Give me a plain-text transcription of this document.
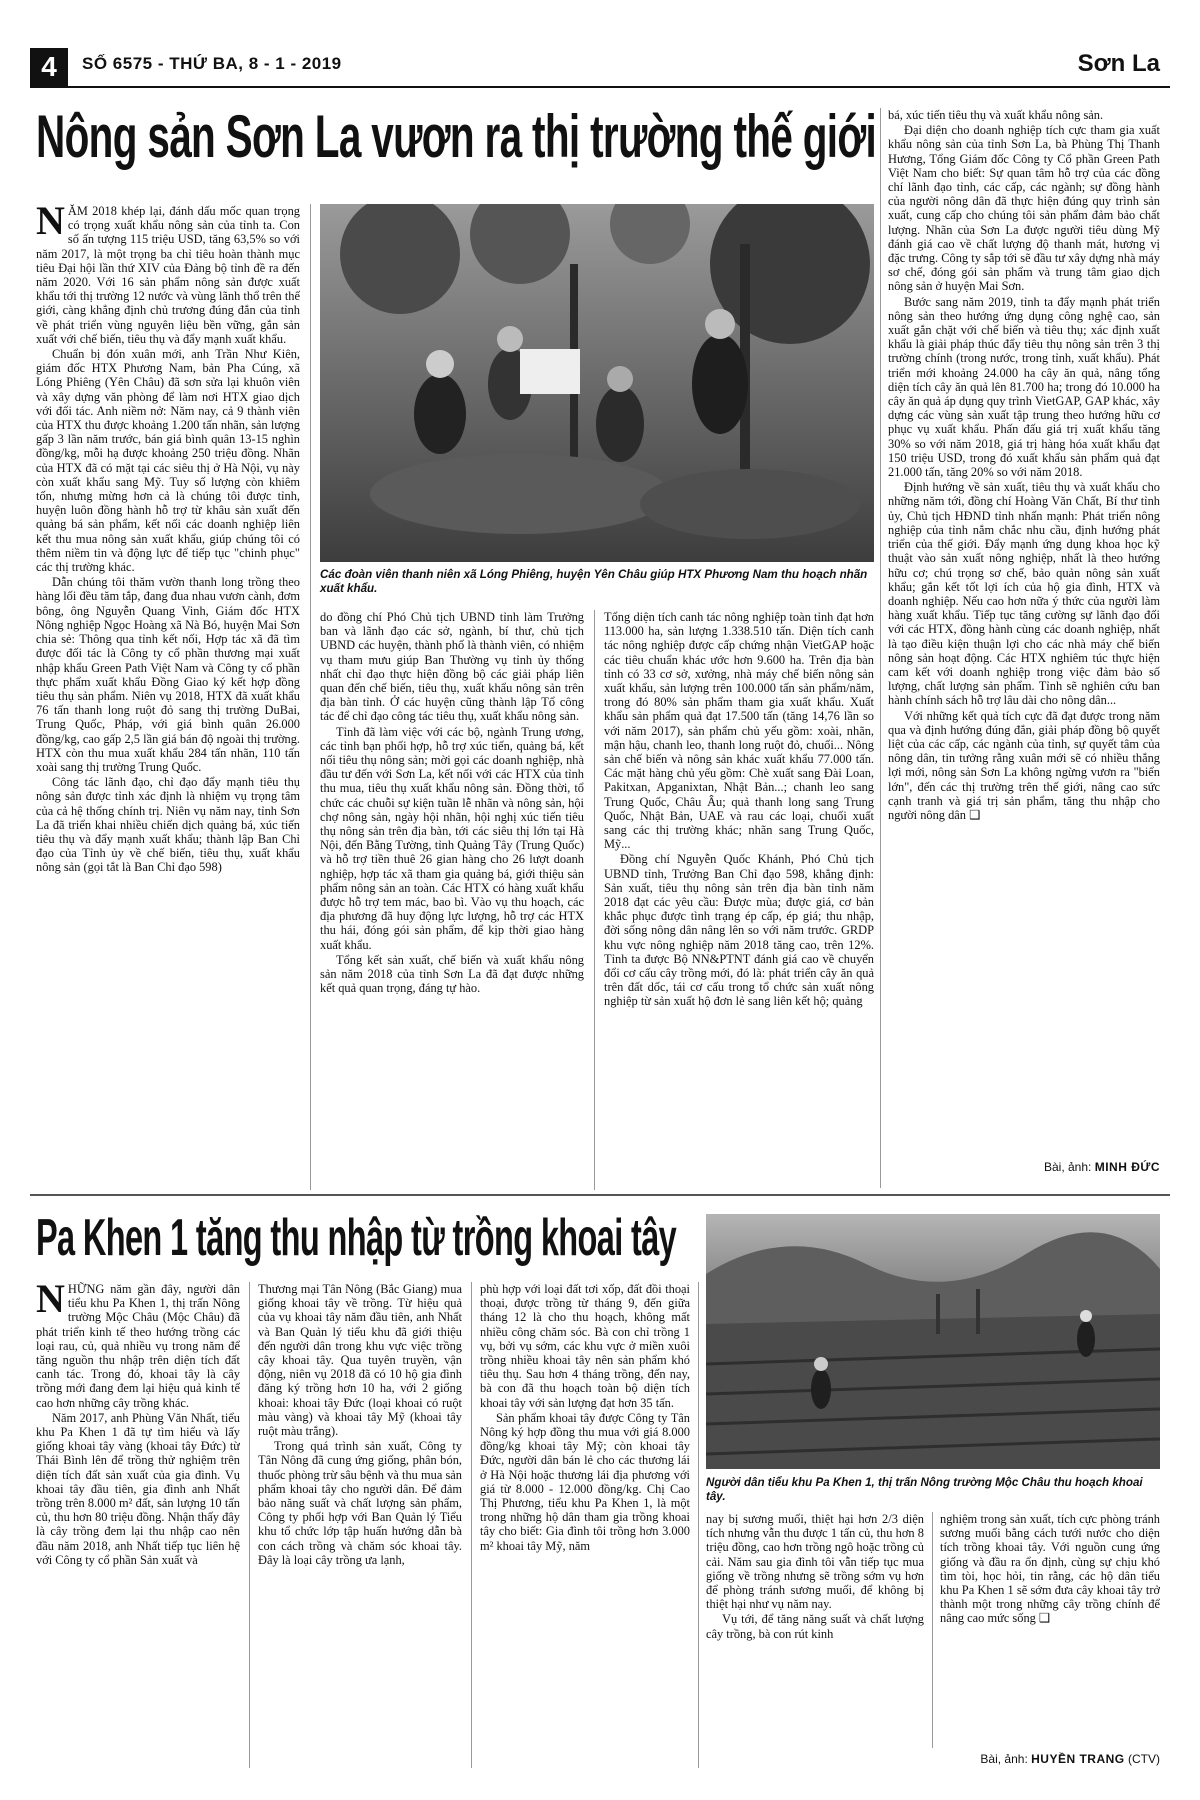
4	SỐ 6575 - THỨ BA, 8 - 1 - 2019	Sơn La
Nông sản Sơn La vươn ra thị trường thế giới
Các đoàn viên thanh niên xã Lóng Phiêng, huyện Yên Châu giúp HTX Phương Nam thu hoạch nhãn xuất khẩu.

NĂM 2018 khép lại, đánh dấu mốc quan trọng có trọng xuất khẩu nông sản của tỉnh ta. Con số ấn tượng 115 triệu USD, tăng 63,5% so với năm 2017, là một trọng ba chỉ tiêu hoàn thành mục tiêu Đại hội lần thứ XIV của Đảng bộ tỉnh đề ra đến năm 2020. Với 16 sản phẩm nông sản được xuất khẩu tới thị trường 12 nước và vùng lãnh thổ trên thế giới, càng khẳng định chủ trương đúng đắn của tỉnh về phát triển vùng nguyên liệu bền vững, gắn sản xuất với chế biến, tiêu thụ và đẩy mạnh xuất khẩu.

Chuẩn bị đón xuân mới, anh Trần Như Kiên, giám đốc HTX Phương Nam, bản Pha Cúng, xã Lóng Phiêng (Yên Châu) đã sơn sửa lại khuôn viên và xây dựng văn phòng để làm nơi HTX giao dịch với đối tác. Anh niềm nở: Năm nay, cả 9 thành viên của HTX thu được khoảng 1.200 tấn nhãn, sản lượng gấp 3 lần năm trước, bán giá bình quân 13-15 nghìn đồng/kg, mỗi hạ được khoảng 250 triệu đồng. Nhãn của HTX đã có mặt tại các siêu thị ở Hà Nội, vụ này còn xuất khẩu sang Mỹ. Tuy số lượng còn khiêm tốn, nhưng mừng hơn cả là chúng tôi được tỉnh, huyện luôn đồng hành hỗ trợ từ khâu sản xuất đến quảng bá sản phẩm, kết nối các doanh nghiệp liên kết thu mua nông sản xuất khẩu, giúp chúng tôi có thêm niềm tin và động lực để tiếp tục "chinh phục" các thị trường khác.

Dẫn chúng tôi thăm vườn thanh long trồng theo hàng lối đều tăm tắp, đang đua nhau vươn cành, đơm bông, ông Nguyễn Quang Vinh, Giám đốc HTX Nông nghiệp Ngọc Hoàng xã Nà Bó, huyện Mai Sơn chia sẻ: Thông qua tỉnh kết nối, Hợp tác xã đã tìm được đối tác là Công ty cổ phần thương mại xuất nhập khẩu Green Path Việt Nam và Công ty cổ phần thực phẩm xuất khẩu Đồng Giao ký kết hợp đồng tiêu thụ sản phẩm. Niên vụ 2018, HTX đã xuất khẩu 76 tấn thanh long ruột đỏ sang thị trường DuBai, Trung Quốc, Pháp, với giá bình quân 26.000 đồng/kg, cao gấp 2,5 lần giá bán độ ngoài thị trường. HTX còn thu mua xuất khẩu 284 tấn nhãn, 110 tấn xoài sang thị trường Trung Quốc.

Công tác lãnh đạo, chỉ đạo đẩy mạnh tiêu thụ nông sản được tỉnh xác định là nhiệm vụ trọng tâm của cả hệ thống chính trị. Niên vụ năm nay, tỉnh Sơn La đã triển khai nhiều chiến dịch quảng bá, xúc tiến tiêu thụ và đẩy mạnh xuất khẩu; thành lập Ban Chỉ đạo của Tỉnh ủy về chế biến, tiêu thụ, xuất khẩu nông sản (gọi tắt là Ban Chỉ đạo 598)

do đồng chí Phó Chủ tịch UBND tỉnh làm Trưởng ban và lãnh đạo các sở, ngành, bí thư, chủ tịch UBND các huyện, thành phố là thành viên, có nhiệm vụ tham mưu giúp Ban Thường vụ tỉnh ủy thống nhất chỉ đạo thực hiện đồng bộ các giải pháp liên quan đến chế biến, tiêu thụ, xuất khẩu nông sản trên địa bàn tỉnh. Ở các huyện cũng thành lập Tổ công tác để chỉ đạo công tác tiêu thụ, xuất khẩu nông sản.

Tỉnh đã làm việc với các bộ, ngành Trung ương, các tỉnh bạn phối hợp, hỗ trợ xúc tiến, quảng bá, kết nối tiêu thụ nông sản; mời gọi các doanh nghiệp, nhà đầu tư đến với Sơn La, kết nối với các HTX của tỉnh thu mua, tiêu thụ xuất khẩu nông sản. Đồng thời, tổ chức các chuỗi sự kiện tuần lễ nhãn và nông sản, hội chợ nông sản, ngày hội nhãn, hội nghị xúc tiến tiêu thụ nông sản trên địa bàn, tới các siêu thị lớn tại Hà Nội, đến Bằng Tường, tỉnh Quảng Tây (Trung Quốc) và hỗ trợ tiền thuê 26 gian hàng cho 26 lượt doanh nghiệp, hợp tác xã tham gia quảng bá, giới thiệu sản phẩm nông sản an toàn. Các HTX có hàng xuất khẩu được hỗ trợ tem mác, bao bì. Vào vụ thu hoạch, các địa phương đã huy động lực lượng, hỗ trợ các HTX thu hái, đóng gói sản phẩm, để kịp thời giao hàng xuất khẩu.

Tổng kết sản xuất, chế biến và xuất khẩu nông sản năm 2018 của tỉnh Sơn La đã đạt được những kết quả quan trọng, đáng tự hào.

Tổng diện tích canh tác nông nghiệp toàn tỉnh đạt hơn 113.000 ha, sản lượng 1.338.510 tấn. Diện tích canh tác nông nghiệp được cấp chứng nhận VietGAP hoặc các tiêu chuẩn khác ước hơn 9.600 ha. Trên địa bàn tỉnh có 33 cơ sở, xưởng, nhà máy chế biến nông sản xuất khẩu, sản lượng trên 100.000 tấn sản phẩm/năm, trong đó 80% sản phẩm tham gia xuất khẩu. Xuất khẩu sản phẩm quả đạt 17.500 tấn (tăng 14,76 lần so với năm 2017), sản phẩm chủ yếu gồm: xoài, nhãn, mận hậu, chanh leo, thanh long ruột đỏ, chuối... Nông sản chế biến và nông sản khác xuất khẩu 77.000 tấn. Các mặt hàng chủ yếu gồm: Chè xuất sang Đài Loan, Pakitxan, Apganixtan, Nhật Bản...; chanh leo sang Trung Quốc, Châu Âu; quả thanh long sang Trung Quốc, Nhật Bản, UAE và rau các loại, chuối xuất sang các thị trường khác; nhãn sang Trung Quốc, Mỹ...

Đồng chí Nguyễn Quốc Khánh, Phó Chủ tịch UBND tỉnh, Trưởng Ban Chỉ đạo 598, khẳng định: Sản xuất, tiêu thụ nông sản trên địa bàn tỉnh năm 2018 đạt các yêu cầu: Được mùa; được giá, cơ bản khắc phục được tình trạng ép cấp, ép giá; thu nhập, đời sống nông dân nâng lên so với năm trước. GRDP khu vực nông nghiệp năm 2018 tăng cao, trên 12%. Tỉnh ta được Bộ NN&PTNT đánh giá cao về chuyển đổi cơ cấu cây trồng mới, đó là: phát triển cây ăn quả trên đất dốc, tái cơ cấu trong tổ chức sản xuất nông nghiệp từ sản xuất hộ đơn lẻ sang liên kết hộ; quảng

bá, xúc tiến tiêu thụ và xuất khẩu nông sản.

Đại diện cho doanh nghiệp tích cực tham gia xuất khẩu nông sản của tỉnh Sơn La, bà Phùng Thị Thanh Hương, Tổng Giám đốc Công ty Cổ phần Green Path Việt Nam cho biết: Sự quan tâm hỗ trợ của các đồng chí lãnh đạo tỉnh, các cấp, các ngành; sự đồng hành của người nông dân đã thực hiện đúng quy trình sản xuất, cung cấp cho chúng tôi sản phẩm đảm bảo chất lượng. Nhãn của Sơn La được người tiêu dùng Mỹ đánh giá cao về chất lượng độ thanh mát, hương vị đặc trưng. Công ty sắp tới sẽ đầu tư xây dựng nhà máy sơ chế, đóng gói sản phẩm và trung tâm giao dịch nông sản ở huyện Mai Sơn.

Bước sang năm 2019, tỉnh ta đẩy mạnh phát triển nông sản theo hướng ứng dụng công nghệ cao, sản xuất gắn chặt với chế biến và tiêu thụ; xác định xuất khẩu là giải pháp thúc đẩy tiêu thụ nông sản trên 3 thị trường chính (trong nước, trong tỉnh, xuất khẩu). Phát triển mới khoảng 24.000 ha cây ăn quả, nâng tổng diện tích cây ăn quả lên 81.700 ha; trong đó 10.000 ha cây ăn quả áp dụng quy trình VietGAP, GAP khác, xây dựng các vùng sản xuất tập trung theo hướng hữu cơ phục vụ xuất khẩu. Phấn đấu giá trị xuất khẩu tăng 30% so với năm 2018, giá trị hàng hóa xuất khẩu đạt 150 triệu USD, trong đó xuất khẩu sản phẩm quả đạt 21.000 tấn, tăng 20% so với năm 2018.

Định hướng về sản xuất, tiêu thụ và xuất khẩu cho những năm tới, đồng chí Hoàng Văn Chất, Bí thư tỉnh ủy, Chủ tịch HĐND tỉnh nhấn mạnh: Phát triển nông nghiệp của tỉnh nắm chắc nhu cầu, định hướng phát triển của thế giới. Đẩy mạnh ứng dụng khoa học kỹ thuật vào sản xuất nông nghiệp, nhất là theo hướng hữu cơ; chú trọng sơ chế, bảo quản nông sản xuất khẩu; gắn kết tốt lợi ích của hộ gia đình, HTX và doanh nghiệp. Nếu cao hơn nữa ý thức của người làm hàng xuất khẩu. Tiếp tục tăng cường sự lãnh đạo đối với các HTX, đồng hành cùng các doanh nghiệp, nhất là tạo điều kiện thuận lợi cho các nhà máy chế biến nông sản hoạt động. Các HTX nghiêm túc thực hiện cam kết với doanh nghiệp trong việc đảm bảo số lượng, chất lượng sản phẩm. Tỉnh sẽ nghiên cứu ban hành chính sách hỗ trợ lâu dài cho nông dân...

Với những kết quả tích cực đã đạt được trong năm qua và định hướng đúng đắn, giải pháp đồng bộ quyết liệt của các cấp, các ngành của tỉnh, sự quyết tâm của nông dân, tin tưởng rằng xuân mới sẽ có nhiều thắng lợi mới, nông sản Sơn La không ngừng vươn ra "biển lớn", đến các thị trường trên thế giới, nâng cao sức cạnh tranh và giá trị sản phẩm, tăng thu nhập cho người nông dân ❑

Bài, ảnh: MINH ĐỨC
Pa Khen 1 tăng thu nhập từ trồng khoai tây
Người dân tiểu khu Pa Khen 1, thị trấn Nông trường Mộc Châu thu hoạch khoai tây.

NHỮNG năm gần đây, người dân tiểu khu Pa Khen 1, thị trấn Nông trường Mộc Châu (Mộc Châu) đã phát triển kinh tế theo hướng trồng các loại rau, củ, quả nhiều vụ trong năm để tăng nguồn thu nhập trên diện tích đất canh tác. Trong đó, khoai tây là cây trồng mới đang đem lại hiệu quả kinh tế cao hơn những cây trồng khác.

Năm 2017, anh Phùng Văn Nhất, tiểu khu Pa Khen 1 đã tự tìm hiểu và lấy giống khoai tây vàng (khoai tây Đức) từ Thái Bình lên để trồng thử nghiệm trên diện tích đất sản xuất của gia đình. Vụ khoai tây đầu tiên, gia đình anh Nhất trồng trên 8.000 m² đất, sản lượng 10 tấn củ, thu hơn 80 triệu đồng. Nhận thấy đây là cây trồng đem lại thu nhập cao nên đầu năm 2018, anh Nhất tiếp tục liên hệ với Công ty cổ phần Sản xuất và

Thương mại Tân Nông (Bắc Giang) mua giống khoai tây về trồng. Từ hiệu quả của vụ khoai tây năm đầu tiên, anh Nhất và Ban Quản lý tiểu khu đã giới thiệu đến người dân trong khu vực việc trồng cây khoai tây. Qua tuyên truyền, vận động, niên vụ 2018 đã có 10 hộ gia đình đăng ký trồng hơn 10 ha, với 2 giống khoai: khoai tây Đức (loại khoai có ruột màu vàng) và khoai tây Mỹ (khoai tây ruột màu trắng).

Trong quá trình sản xuất, Công ty Tân Nông đã cung ứng giống, phân bón, thuốc phòng trừ sâu bệnh và thu mua sản phẩm khoai tây cho người dân. Để đảm bảo năng suất và chất lượng sản phẩm, Công ty phối hợp với Ban Quản lý Tiểu khu tổ chức lớp tập huấn hướng dẫn bà con cách trồng và chăm sóc khoai tây. Đây là loại cây trồng ưa lạnh,

phù hợp với loại đất tơi xốp, đất đồi thoại thoại, được trồng từ tháng 9, đến giữa tháng 12 là cho thu hoạch, không mất nhiều công chăm sóc. Bà con chỉ trồng 1 vụ, bởi vụ sớm, các khu vực ở miền xuôi trồng nhiều khoai tây nên sản phẩm khó tiêu thụ. Sau hơn 4 tháng trồng, đến nay, bà con đã thu hoạch toàn bộ diện tích khoai tây với sản lượng đạt hơn 35 tấn.

Sản phẩm khoai tây được Công ty Tân Nông ký hợp đồng thu mua với giá 8.000 đồng/kg khoai tây Mỹ; còn khoai tây Đức, người dân bán lẻ cho các thương lái ở Hà Nội hoặc thương lái địa phương với giá từ 8.000 - 12.000 đồng/kg. Chị Cao Thị Phương, tiểu khu Pa Khen 1, là một trong những hộ dân tham gia trồng khoai tây cho biết: Gia đình tôi trồng hơn 3.000 m² khoai tây Mỹ, năm

nay bị sương muối, thiệt hại hơn 2/3 diện tích nhưng vẫn thu được 1 tấn củ, thu hơn 8 triệu đồng, cao hơn trồng ngô hoặc trồng củ cải. Năm sau gia đình tôi vẫn tiếp tục mua giống về trồng nhưng sẽ trồng sớm vụ hơn để phòng tránh sương muối, để không bị thiệt hại như vụ năm nay.

Vụ tới, để tăng năng suất và chất lượng cây trồng, bà con rút kinh

nghiệm trong sản xuất, tích cực phòng tránh sương muối bằng cách tưới nước cho diện tích trồng khoai tây. Với nguồn cung ứng giống và đầu ra ổn định, cùng sự chịu khó tìm tòi, học hỏi, tin rằng, các hộ dân tiểu khu Pa Khen 1 sẽ sớm đưa cây khoai tây trở thành một trong những cây trồng chính để nâng cao mức sống ❑

Bài, ảnh: HUYỀN TRANG (CTV)
